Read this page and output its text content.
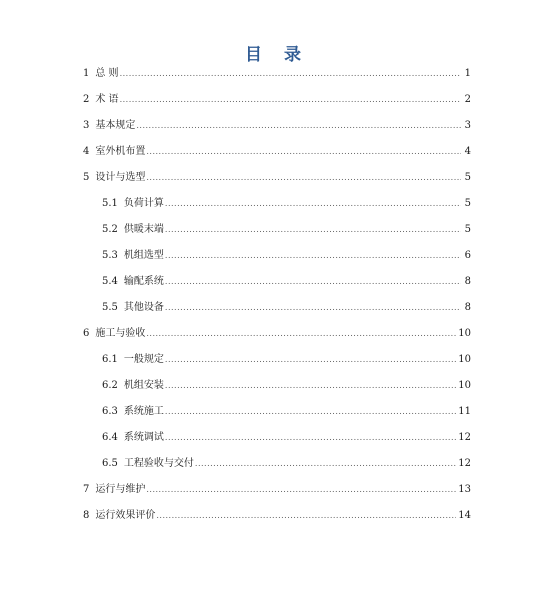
目 录
1 总 则 .....	1
2 术 语 .....	2
3 基本规定 .....	3
4 室外机布置 .....	4
5 设计与选型 .....	5
5.1 负荷计算 .....	5
5.2 供暖末端 .....	5
5.3 机组选型 .....	6
5.4 输配系统 .....	8
5.5 其他设备 .....	8
6 施工与验收 .....	10
6.1 一般规定 .....	10
6.2 机组安装 .....	10
6.3 系统施工 .....	11
6.4 系统调试 .....	12
6.5 工程验收与交付 .....	12
7 运行与维护 .....	13
8 运行效果评价 .....	14
